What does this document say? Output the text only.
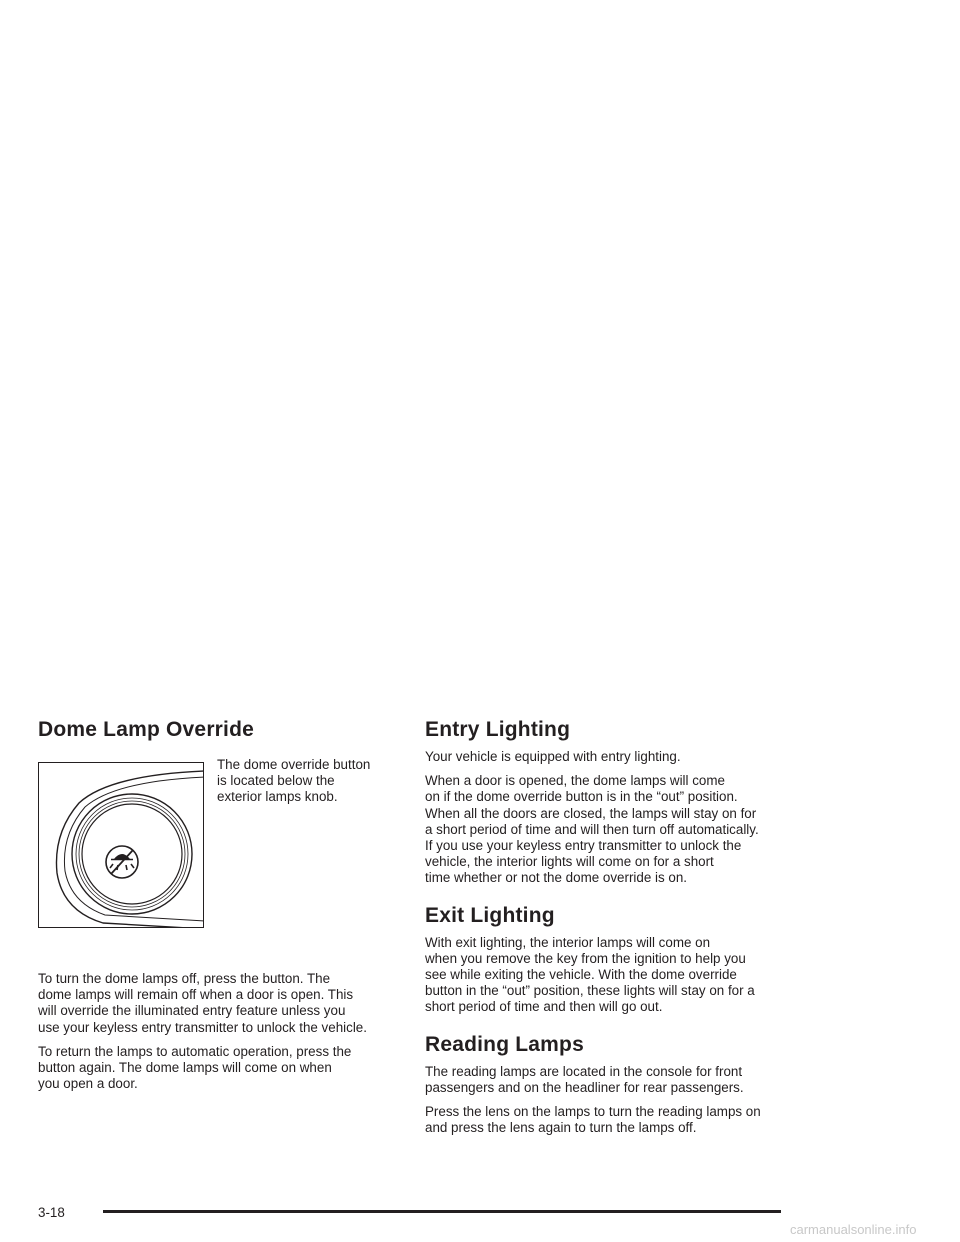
Dome Lamp Override

The dome override button
is located below the
exterior lamps knob.

To turn the dome lamps off, press the button. The
dome lamps will remain off when a door is open. This
will override the illuminated entry feature unless you
use your keyless entry transmitter to unlock the vehicle.

To return the lamps to automatic operation, press the
button again. The dome lamps will come on when
you open a door.

Entry Lighting

Your vehicle is equipped with entry lighting.

When a door is opened, the dome lamps will come
on if the dome override button is in the “out” position.
When all the doors are closed, the lamps will stay on for
a short period of time and will then turn off automatically.
If you use your keyless entry transmitter to unlock the
vehicle, the interior lights will come on for a short
time whether or not the dome override is on.

Exit Lighting

With exit lighting, the interior lamps will come on
when you remove the key from the ignition to help you
see while exiting the vehicle. With the dome override
button in the “out” position, these lights will stay on for a
short period of time and then will go out.

Reading Lamps

The reading lamps are located in the console for front
passengers and on the headliner for rear passengers.

Press the lens on the lamps to turn the reading lamps on
and press the lens again to turn the lamps off.

3-18
carmanualsonline.info
